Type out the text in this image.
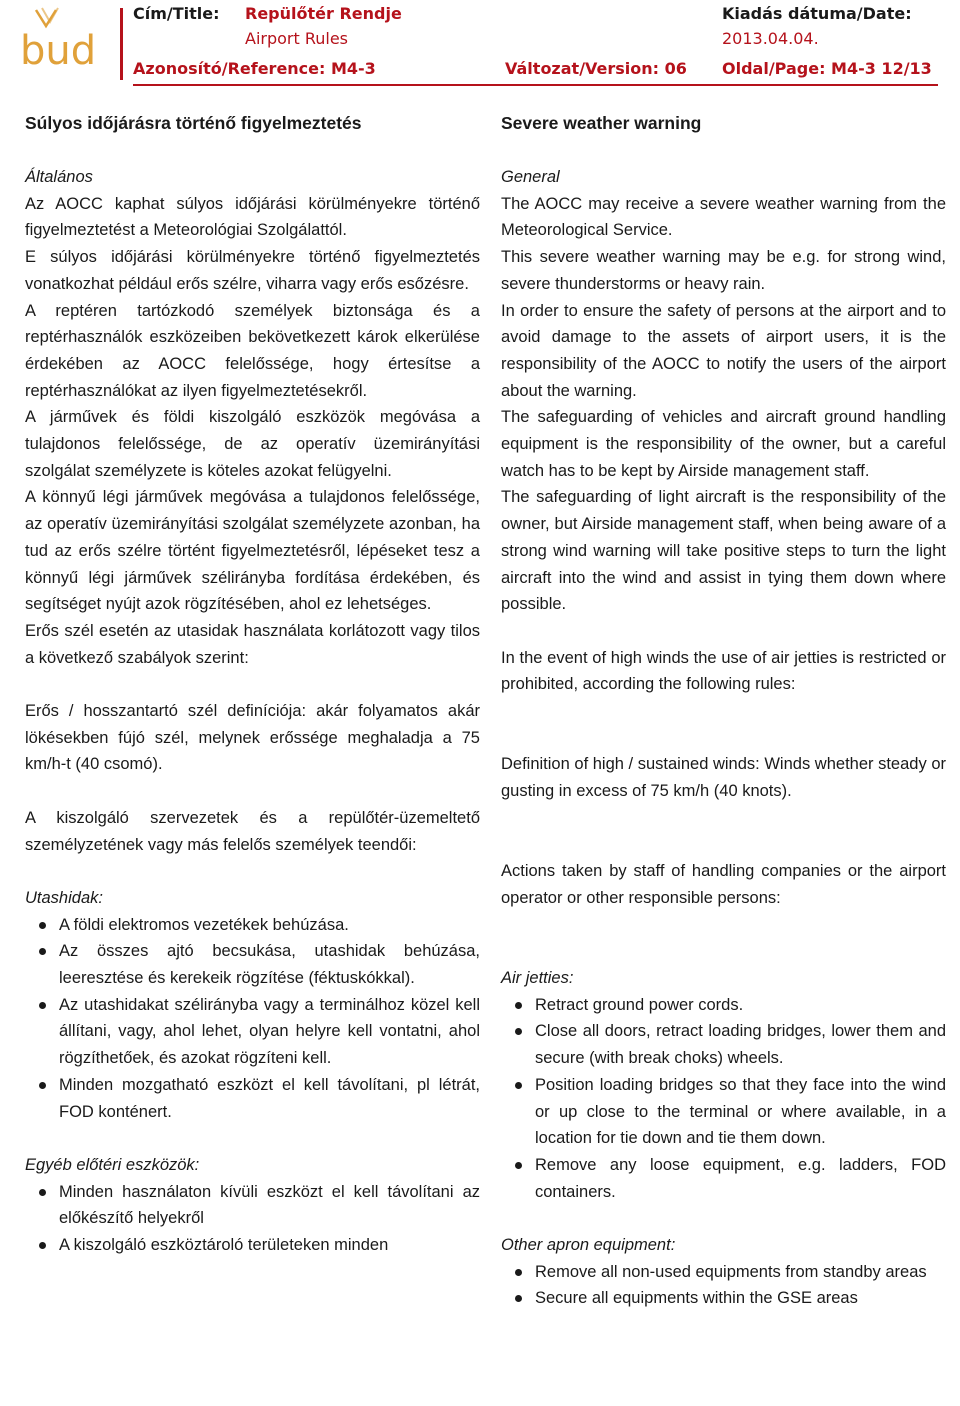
bud
Cím/Title: Repülőtér Rendje
Airport Rules
Kiadás dátuma/Date:
2013.04.04.
Azonosító/Reference: M4-3	Változat/Version: 06 Oldal/Page: M4-3 12/13
Súlyos időjárásra történő figyelmeztetés
Általános

Az AOCC kaphat súlyos időjárási körülményekre történő figyelmeztetést a Meteorológiai Szolgálattól.

E súlyos időjárási körülményekre történő figyelmeztetés vonatkozhat például erős szélre, viharra vagy erős esőzésre.

A reptéren tartózkodó személyek biztonsága és a reptérhasználók eszközeiben bekövetkezett károk elkerülése érdekében az AOCC felelőssége, hogy értesítse a reptérhasználókat az ilyen figyelmeztetésekről.

A járművek és földi kiszolgáló eszközök megóvása a tulajdonos felelőssége, de az operatív üzemirányítási szolgálat személyzete is köteles azokat felügyelni.

A könnyű légi járművek megóvása a tulajdonos felelőssége, az operatív üzemirányítási szolgálat személyzete azonban, ha tud az erős szélre történt figyelmeztetésről, lépéseket tesz a könnyű légi járművek szélirányba fordítása érdekében, és segítséget nyújt azok rögzítésében, ahol ez lehetséges.

Erős szél esetén az utasidak használata korlátozott vagy tilos a következő szabályok szerint:

Erős / hosszantartó szél definíciója: akár folyamatos akár lökésekben fújó szél, melynek erőssége meghaladja a 75 km/h-t (40 csomó).

A kiszolgáló szervezetek és a repülőtér-üzemeltető személyzetének vagy más felelős személyek teendői:

Utashidak:
A földi elektromos vezetékek behúzása.
Az összes ajtó becsukása, utashidak behúzása, leeresztése és kerekeik rögzítése (féktuskókkal).
Az utashidakat szélirányba vagy a terminálhoz közel kell állítani, vagy, ahol lehet, olyan helyre kell vontatni, ahol rögzíthetőek, és azokat rögzíteni kell.
Minden mozgatható eszközt el kell távolítani, pl létrát, FOD konténert.
Egyéb előtéri eszközök:
Minden használaton kívüli eszközt el kell távolítani az előkészítő helyekről
A kiszolgáló eszköztároló területeken minden
Severe weather warning
General

The AOCC may receive a severe weather warning from the Meteorological Service.

This severe weather warning may be e.g. for strong wind, severe thunderstorms or heavy rain.

In order to ensure the safety of persons at the airport and to avoid damage to the assets of airport users, it is the responsibility of the AOCC to notify the users of the airport about the warning.

The safeguarding of vehicles and aircraft ground handling equipment is the responsibility of the owner, but a careful watch has to be kept by Airside management staff.

The safeguarding of light aircraft is the responsibility of the owner, but Airside management staff, when being aware of a strong wind warning will take positive steps to turn the light aircraft into the wind and assist in tying them down where possible.

In the event of high winds the use of air jetties is restricted or prohibited, according the following rules:

Definition of high / sustained winds: Winds whether steady or gusting in excess of 75 km/h (40 knots).

Actions taken by staff of handling companies or the airport operator or other responsible persons:

Air jetties:
Retract ground power cords.
Close all doors, retract loading bridges, lower them and secure (with break choks) wheels.
Position loading bridges so that they face into the wind or up close to the terminal or where available, in a location for tie down and tie them down.
Remove any loose equipment, e.g. ladders, FOD containers.
Other apron equipment:
Remove all non-used equipments from standby areas
Secure all equipments within the GSE areas
